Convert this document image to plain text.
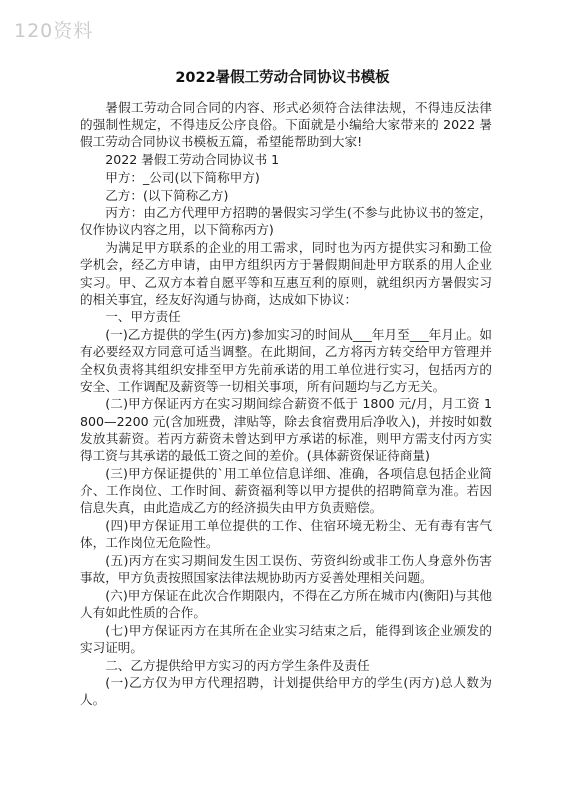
120资料
2022暑假工劳动合同协议书模板

暑假工劳动合同合同的内容、形式必须符合法律法规，不得违反法律的强制性规定，不得违反公序良俗。下面就是小编给大家带来的 2022 暑假工劳动合同协议书模板五篇，希望能帮助到大家!

2022 暑假工劳动合同协议书 1

甲方：_公司(以下简称甲方)

乙方：(以下简称乙方)

丙方：由乙方代理甲方招聘的暑假实习学生(不参与此协议书的签定，仅作协议内容之用，以下简称丙方)

为满足甲方联系的企业的用工需求，同时也为丙方提供实习和勤工俭学机会，经乙方申请，由甲方组织丙方于暑假期间赴甲方联系的用人企业实习。甲、乙双方本着自愿平等和互惠互利的原则，就组织丙方暑假实习的相关事宜，经友好沟通与协商，达成如下协议：

一、甲方责任

(一)乙方提供的学生(丙方)参加实习的时间从___年月至___年月止。如有必要经双方同意可适当调整。在此期间，乙方将丙方转交给甲方管理并全权负责将其组织安排至甲方先前承诺的用工单位进行实习，包括丙方的安全、工作调配及薪资等一切相关事项，所有问题均与乙方无关。

(二)甲方保证丙方在实习期间综合薪资不低于 1800 元/月，月工资 1800—2200 元(含加班费，津贴等，除去食宿费用后净收入)，并按时如数发放其薪资。若丙方薪资未曾达到甲方承诺的标准，则甲方需支付丙方实得工资与其承诺的最低工资之间的差价。(具体薪资保证待商量)

(三)甲方保证提供的`用工单位信息详细、准确，各项信息包括企业简介、工作岗位、工作时间、薪资福利等以甲方提供的招聘简章为准。若因信息失真，由此造成乙方的经济损失由甲方负责赔偿。

(四)甲方保证用工单位提供的工作、住宿环境无粉尘、无有毒有害气体，工作岗位无危险性。

(五)丙方在实习期间发生因工误伤、劳资纠纷或非工伤人身意外伤害事故，甲方负责按照国家法律法规协助丙方妥善处理相关问题。

(六)甲方保证在此次合作期限内，不得在乙方所在城市内(衡阳)与其他人有如此性质的合作。

(七)甲方保证丙方在其所在企业实习结束之后，能得到该企业颁发的实习证明。

二、乙方提供给甲方实习的丙方学生条件及责任

(一)乙方仅为甲方代理招聘，计划提供给甲方的学生(丙方)总人数为人。
